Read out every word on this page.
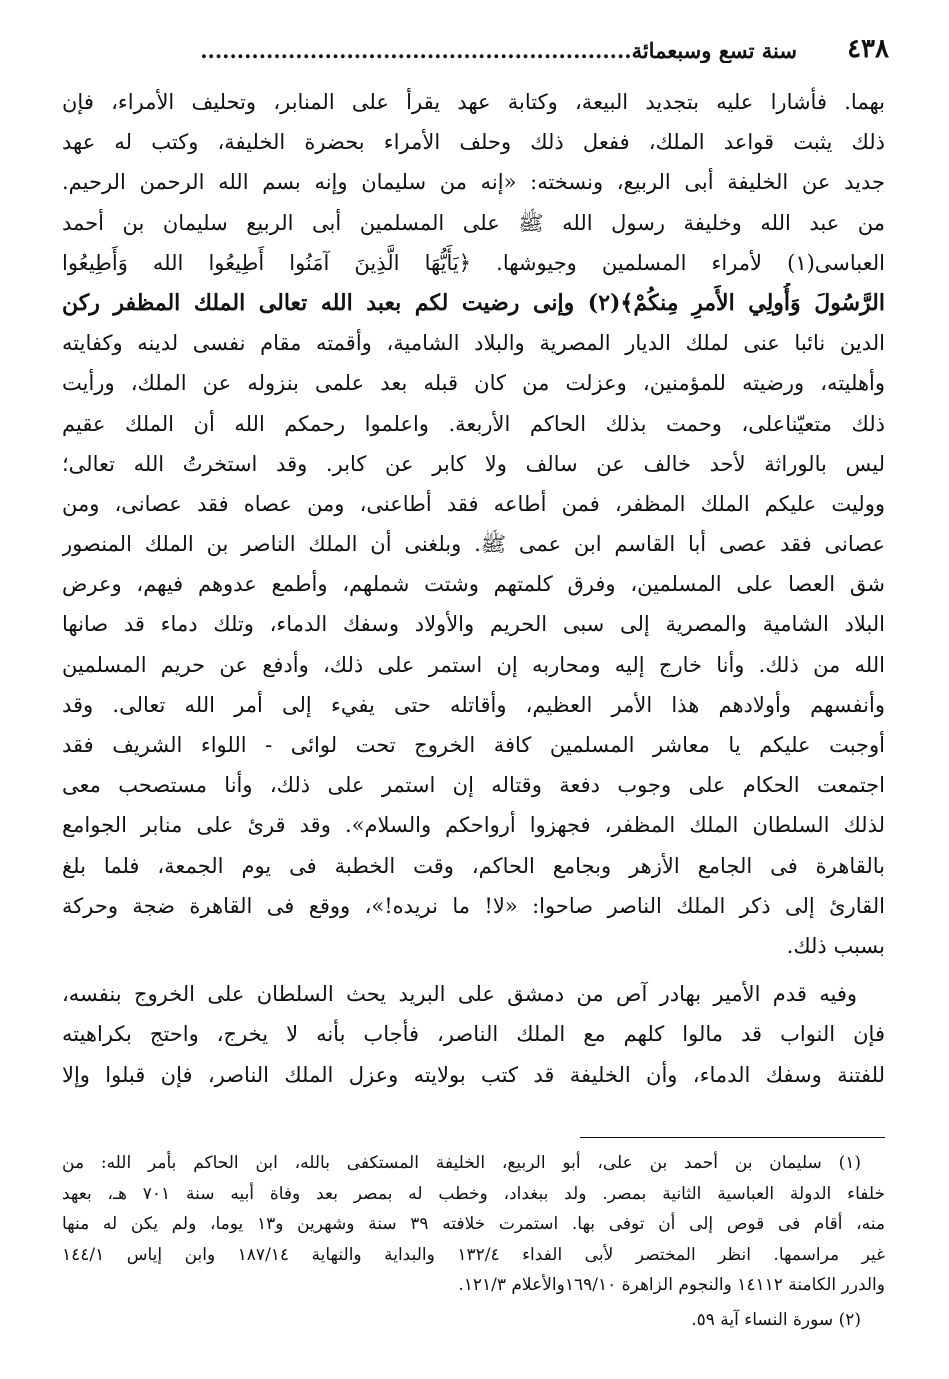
٤٣٨
سنة تسع وسبعمائة...........................................................
بهما. فأشارا عليه بتجديد البيعة، وكتابة عهد يقرأ على المنابر، وتحليف الأمراء، فإن
ذلك يثبت قواعد الملك، ففعل ذلك وحلف الأمراء بحضرة الخليفة، وكتب له عهد
جديد عن الخليفة أبى الربيع، ونسخته: «إنه من سليمان وإنه بسم الله الرحمن الرحيم.
من عبد الله وخليفة رسول الله ﷺ على المسلمين أبى الربيع سليمان بن أحمد
العباسى(١) لأمراء المسلمين وجيوشها. ﴿يَأَيُّهَا الَّذِينَ آمَنُوا أَطِيعُوا الله وَأَطِيعُوا
الرَّسُولَ وَأُولِي الأَمرِ مِنكُمْ﴾(٢) وإنى رضيت لكم بعبد الله تعالى الملك المظفر ركن
الدين نائبا عنى لملك الديار المصرية والبلاد الشامية، وأقمته مقام نفسى لدينه وكفايته
وأهليته، ورضيته للمؤمنين، وعزلت من كان قبله بعد علمى بنزوله عن الملك، ورأيت
ذلك متعيّناعلى، وحمت بذلك الحاكم الأربعة. واعلموا رحمكم الله أن الملك عقيم
ليس بالوراثة لأحد خالف عن سالف ولا كابر عن كابر. وقد استخرتُ الله تعالى؛
ووليت عليكم الملك المظفر، فمن أطاعه فقد أطاعنى، ومن عصاه فقد عصانى، ومن
عصانى فقد عصى أبا القاسم ابن عمى ﷺ. وبلغنى أن الملك الناصر بن الملك المنصور
شق العصا على المسلمين، وفرق كلمتهم وشتت شملهم، وأطمع عدوهم فيهم، وعرض
البلاد الشامية والمصرية إلى سبى الحريم والأولاد وسفك الدماء، وتلك دماء قد صانها
الله من ذلك. وأنا خارج إليه ومحاربه إن استمر على ذلك، وأدفع عن حريم المسلمين
وأنفسهم وأولادهم هذا الأمر العظيم، وأقاتله حتى يفيء إلى أمر الله تعالى. وقد
أوجبت عليكم يا معاشر المسلمين كافة الخروج تحت لوائى - اللواء الشريف فقد
اجتمعت الحكام على وجوب دفعة وقتاله إن استمر على ذلك، وأنا مستصحب معى
لذلك السلطان الملك المظفر، فجهزوا أرواحكم والسلام». وقد قرئ على منابر الجوامع
بالقاهرة فى الجامع الأزهر وبجامع الحاكم، وقت الخطبة فى يوم الجمعة، فلما بلغ
القارئ إلى ذكر الملك الناصر صاحوا: «لا! ما نريده!»، ووقع فى القاهرة ضجة وحركة
بسبب ذلك.
وفيه قدم الأمير بهادر آص من دمشق على البريد يحث السلطان على الخروج بنفسه،
فإن النواب قد مالوا كلهم مع الملك الناصر، فأجاب بأنه لا يخرج، واحتج بكراهيته
للفتنة وسفك الدماء، وأن الخليفة قد كتب بولايته وعزل الملك الناصر، فإن قبلوا وإلا
(١) سليمان بن أحمد بن على، أبو الربيع، الخليفة المستكفى بالله، ابن الحاكم بأمر الله: من
خلفاء الدولة العباسية الثانية بمصر. ولد ببغداد، وخطب له بمصر بعد وفاة أبيه سنة ٧٠١ هـ، بعهد
منه، أقام فى قوص إلى أن توفى بها. استمرت خلافته ٣٩ سنة وشهرين و١٣ يوما، ولم يكن له منها
غير مراسمها. انظر المختصر لأبى الفداء ١٣٢/٤ والبداية والنهاية ١٨٧/١٤ وابن إياس ١٤٤/١
والدرر الكامنة ١٤١١٢ والنجوم الزاهرة ١٦٩/١٠والأعلام ١٢١/٣.
(٢) سورة النساء آية ٥٩.
